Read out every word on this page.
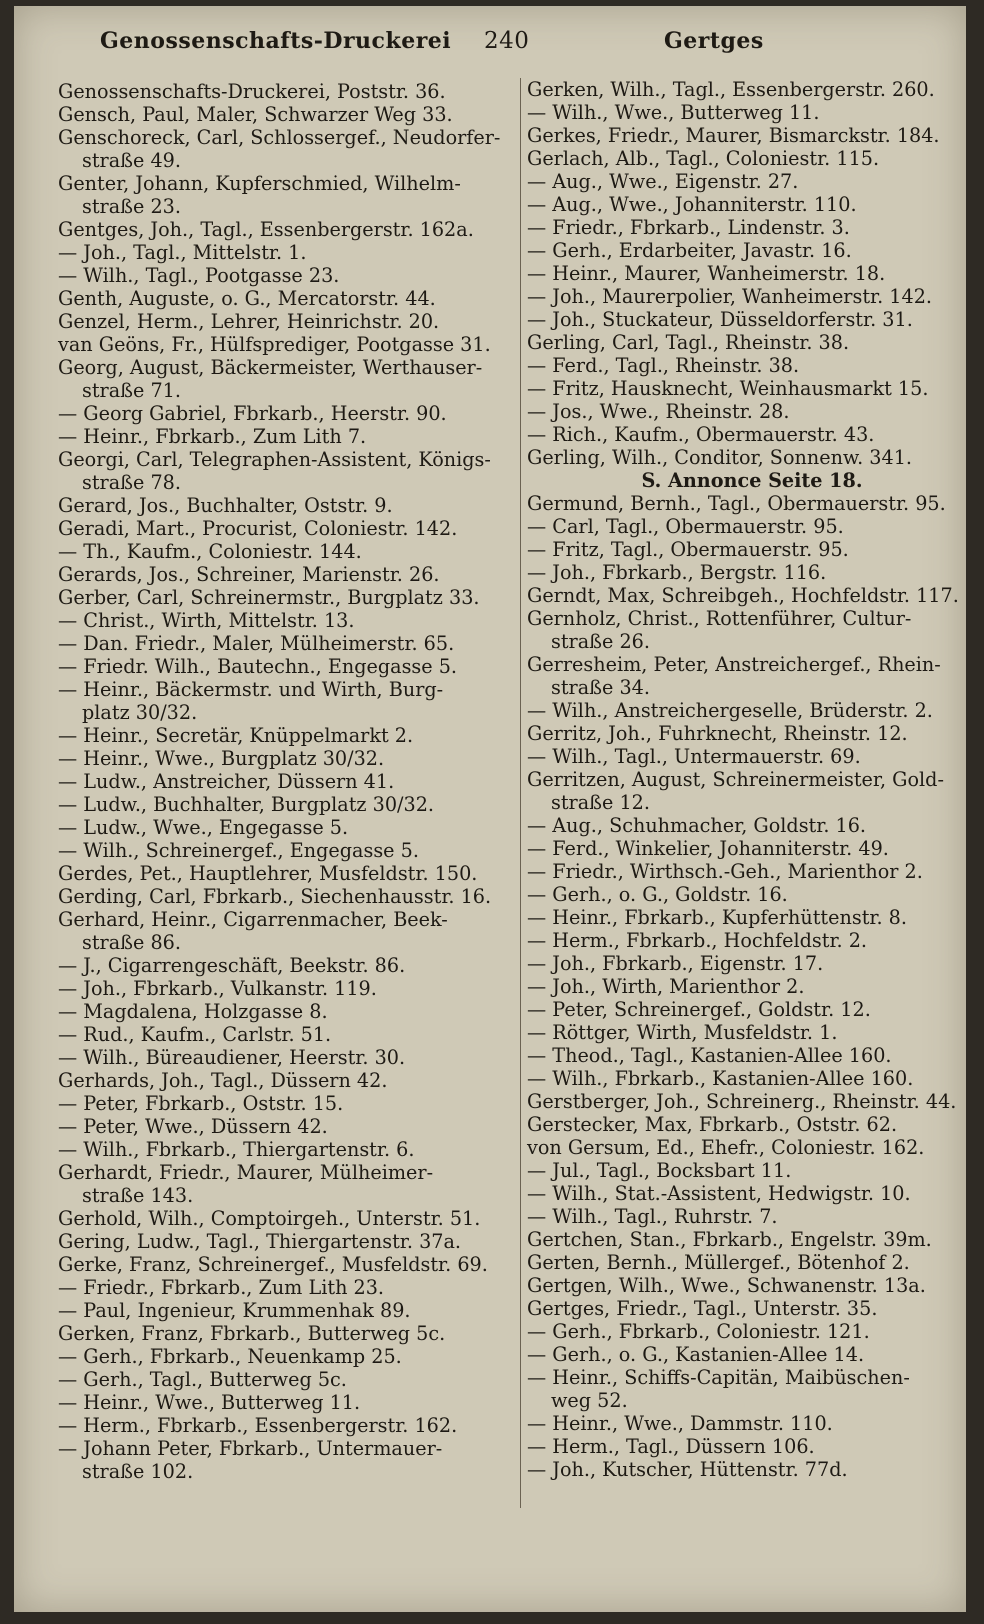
Genossenschafts-Druckerei 240	Gertges
Genossenschafts-Druckerei, Poststr. 36.
Gensch, Paul, Maler, Schwarzer Weg 33.
Genschoreck, Carl, Schlossergef., Neudorfer-
straße 49.
Genter, Johann, Kupferschmied, Wilhelm-
straße 23.
Gentges, Joh., Tagl., Essenbergerstr. 162a.
— Joh., Tagl., Mittelstr. 1.
— Wilh., Tagl., Pootgasse 23.
Genth, Auguste, o. G., Mercatorstr. 44.
Genzel, Herm., Lehrer, Heinrichstr. 20.
van Geöns, Fr., Hülfsprediger, Pootgasse 31.
Georg, August, Bäckermeister, Werthauser-
straße 71.
— Georg Gabriel, Fbrkarb., Heerstr. 90.
— Heinr., Fbrkarb., Zum Lith 7.
Georgi, Carl, Telegraphen-Assistent, Königs-
straße 78.
Gerard, Jos., Buchhalter, Oststr. 9.
Geradi, Mart., Procurist, Coloniestr. 142.
— Th., Kaufm., Coloniestr. 144.
Gerards, Jos., Schreiner, Marienstr. 26.
Gerber, Carl, Schreinermstr., Burgplatz 33.
— Christ., Wirth, Mittelstr. 13.
— Dan. Friedr., Maler, Mülheimerstr. 65.
— Friedr. Wilh., Bautechn., Engegasse 5.
— Heinr., Bäckermstr. und Wirth, Burg-
platz 30/32.
— Heinr., Secretär, Knüppelmarkt 2.
— Heinr., Wwe., Burgplatz 30/32.
— Ludw., Anstreicher, Düssern 41.
— Ludw., Buchhalter, Burgplatz 30/32.
— Ludw., Wwe., Engegasse 5.
— Wilh., Schreinergef., Engegasse 5.
Gerdes, Pet., Hauptlehrer, Musfeldstr. 150.
Gerding, Carl, Fbrkarb., Siechenhausstr. 16.
Gerhard, Heinr., Cigarrenmacher, Beek-
straße 86.
— J., Cigarrengeschäft, Beekstr. 86.
— Joh., Fbrkarb., Vulkanstr. 119.
— Magdalena, Holzgasse 8.
— Rud., Kaufm., Carlstr. 51.
— Wilh., Büreaudiener, Heerstr. 30.
Gerhards, Joh., Tagl., Düssern 42.
— Peter, Fbrkarb., Oststr. 15.
— Peter, Wwe., Düssern 42.
— Wilh., Fbrkarb., Thiergartenstr. 6.
Gerhardt, Friedr., Maurer, Mülheimer-
straße 143.
Gerhold, Wilh., Comptoirgeh., Unterstr. 51.
Gering, Ludw., Tagl., Thiergartenstr. 37a.
Gerke, Franz, Schreinergef., Musfeldstr. 69.
— Friedr., Fbrkarb., Zum Lith 23.
— Paul, Ingenieur, Krummenhak 89.
Gerken, Franz, Fbrkarb., Butterweg 5c.
— Gerh., Fbrkarb., Neuenkamp 25.
— Gerh., Tagl., Butterweg 5c.
— Heinr., Wwe., Butterweg 11.
— Herm., Fbrkarb., Essenbergerstr. 162.
— Johann Peter, Fbrkarb., Untermauer-
straße 102.
Gerken, Wilh., Tagl., Essenbergerstr. 260.
— Wilh., Wwe., Butterweg 11.
Gerkes, Friedr., Maurer, Bismarckstr. 184.
Gerlach, Alb., Tagl., Coloniestr. 115.
— Aug., Wwe., Eigenstr. 27.
— Aug., Wwe., Johanniterstr. 110.
— Friedr., Fbrkarb., Lindenstr. 3.
— Gerh., Erdarbeiter, Javastr. 16.
— Heinr., Maurer, Wanheimerstr. 18.
— Joh., Maurerpolier, Wanheimerstr. 142.
— Joh., Stuckateur, Düsseldorferstr. 31.
Gerling, Carl, Tagl., Rheinstr. 38.
— Ferd., Tagl., Rheinstr. 38.
— Fritz, Hausknecht, Weinhausmarkt 15.
— Jos., Wwe., Rheinstr. 28.
— Rich., Kaufm., Obermauerstr. 43.
Gerling, Wilh., Conditor, Sonnenw. 341.
S. Annonce Seite 18.
Germund, Bernh., Tagl., Obermauerstr. 95.
— Carl, Tagl., Obermauerstr. 95.
— Fritz, Tagl., Obermauerstr. 95.
— Joh., Fbrkarb., Bergstr. 116.
Gerndt, Max, Schreibgeh., Hochfeldstr. 117.
Gernholz, Christ., Rottenführer, Cultur-
straße 26.
Gerresheim, Peter, Anstreichergef., Rhein-
straße 34.
— Wilh., Anstreichergeselle, Brüderstr. 2.
Gerritz, Joh., Fuhrknecht, Rheinstr. 12.
— Wilh., Tagl., Untermauerstr. 69.
Gerritzen, August, Schreinermeister, Gold-
straße 12.
— Aug., Schuhmacher, Goldstr. 16.
— Ferd., Winkelier, Johanniterstr. 49.
— Friedr., Wirthsch.-Geh., Marienthor 2.
— Gerh., o. G., Goldstr. 16.
— Heinr., Fbrkarb., Kupferhüttenstr. 8.
— Herm., Fbrkarb., Hochfeldstr. 2.
— Joh., Fbrkarb., Eigenstr. 17.
— Joh., Wirth, Marienthor 2.
— Peter, Schreinergef., Goldstr. 12.
— Röttger, Wirth, Musfeldstr. 1.
— Theod., Tagl., Kastanien-Allee 160.
— Wilh., Fbrkarb., Kastanien-Allee 160.
Gerstberger, Joh., Schreinerg., Rheinstr. 44.
Gerstecker, Max, Fbrkarb., Oststr. 62.
von Gersum, Ed., Ehefr., Coloniestr. 162.
— Jul., Tagl., Bocksbart 11.
— Wilh., Stat.-Assistent, Hedwigstr. 10.
— Wilh., Tagl., Ruhrstr. 7.
Gertchen, Stan., Fbrkarb., Engelstr. 39m.
Gerten, Bernh., Müllergef., Bötenhof 2.
Gertgen, Wilh., Wwe., Schwanenstr. 13a.
Gertges, Friedr., Tagl., Unterstr. 35.
— Gerh., Fbrkarb., Coloniestr. 121.
— Gerh., o. G., Kastanien-Allee 14.
— Heinr., Schiffs-Capitän, Maibüschen-
weg 52.
— Heinr., Wwe., Dammstr. 110.
— Herm., Tagl., Düssern 106.
— Joh., Kutscher, Hüttenstr. 77d.
